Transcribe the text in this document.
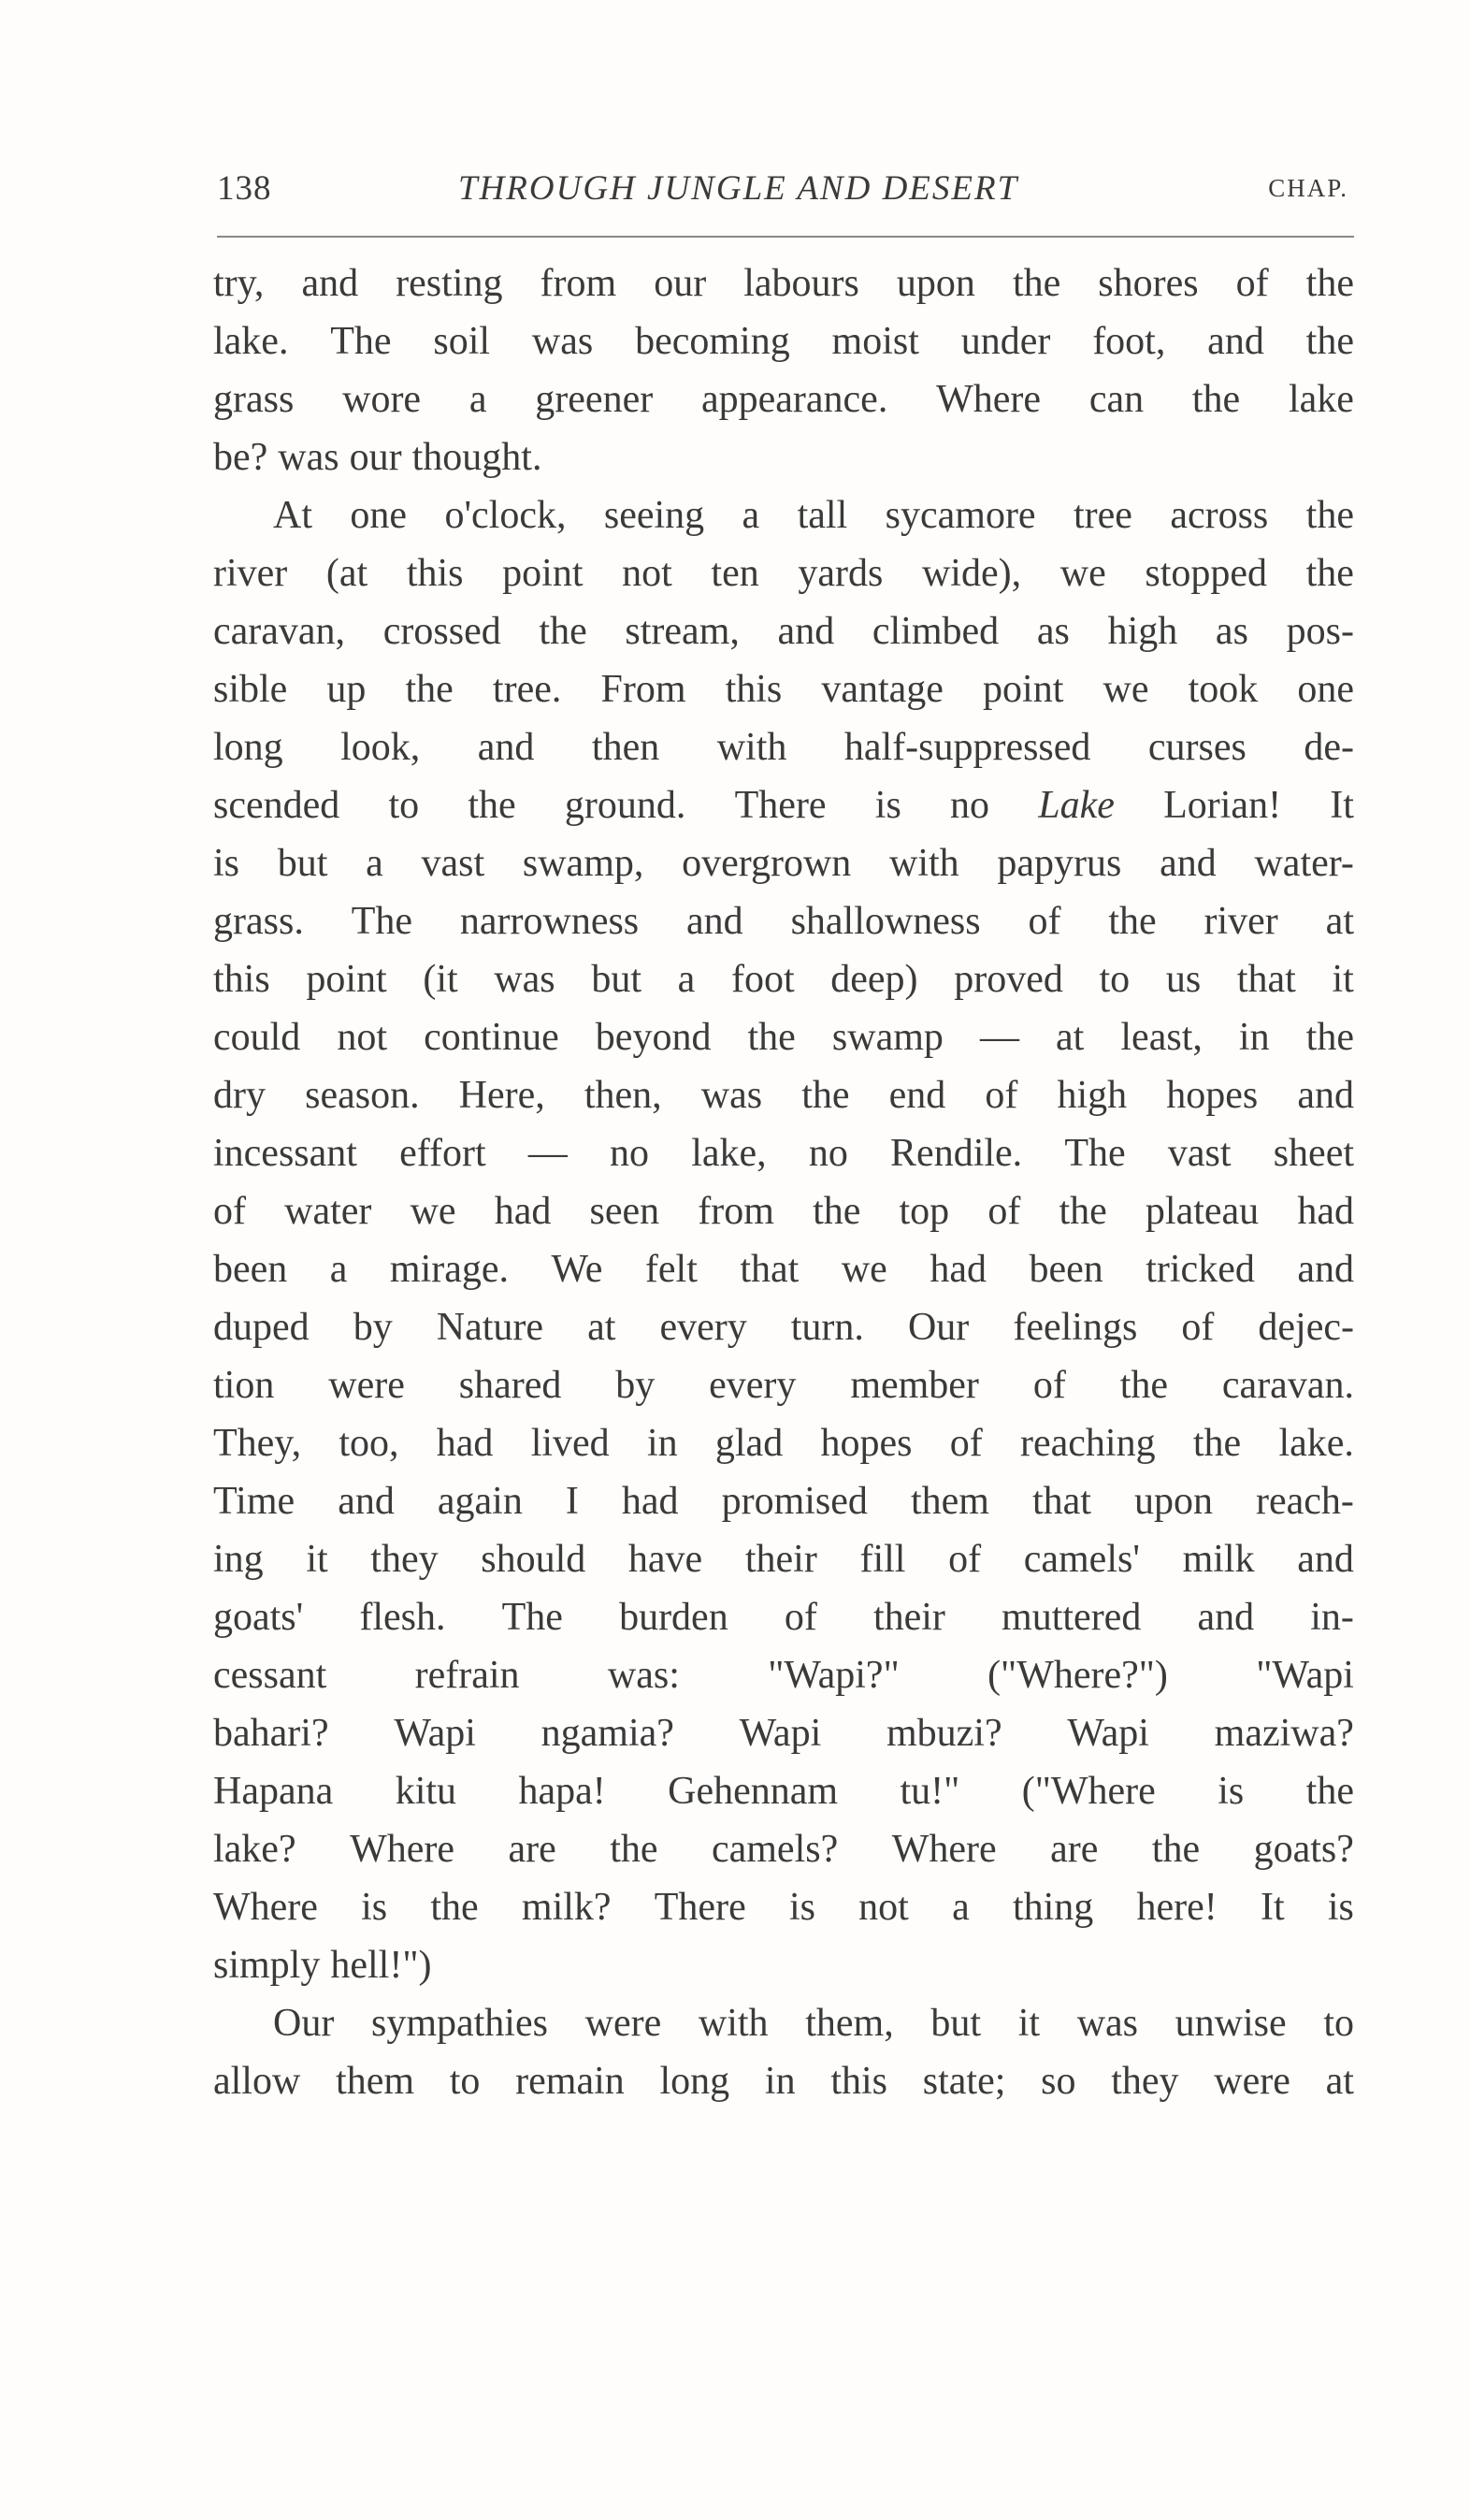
138	THROUGH JUNGLE AND DESERT	CHAP.
try, and resting from our labours upon the shores of the
lake. The soil was becoming moist under foot, and the
grass wore a greener appearance. Where can the lake
be? was our thought.
At one o'clock, seeing a tall sycamore tree across the
river (at this point not ten yards wide), we stopped the
caravan, crossed the stream, and climbed as high as pos-
sible up the tree. From this vantage point we took one
long look, and then with half-suppressed curses de-
scended to the ground. There is no Lake Lorian! It
is but a vast swamp, overgrown with papyrus and water-
grass. The narrowness and shallowness of the river at
this point (it was but a foot deep) proved to us that it
could not continue beyond the swamp — at least, in the
dry season. Here, then, was the end of high hopes and
incessant effort — no lake, no Rendile. The vast sheet
of water we had seen from the top of the plateau had
been a mirage. We felt that we had been tricked and
duped by Nature at every turn. Our feelings of dejec-
tion were shared by every member of the caravan.
They, too, had lived in glad hopes of reaching the lake.
Time and again I had promised them that upon reach-
ing it they should have their fill of camels' milk and
goats' flesh. The burden of their muttered and in-
cessant refrain was: "Wapi?" ("Where?") "Wapi
bahari? Wapi ngamia? Wapi mbuzi? Wapi maziwa?
Hapana kitu hapa! Gehennam tu!" ("Where is the
lake? Where are the camels? Where are the goats?
Where is the milk? There is not a thing here! It is
simply hell!")
Our sympathies were with them, but it was unwise to
allow them to remain long in this state; so they were at
